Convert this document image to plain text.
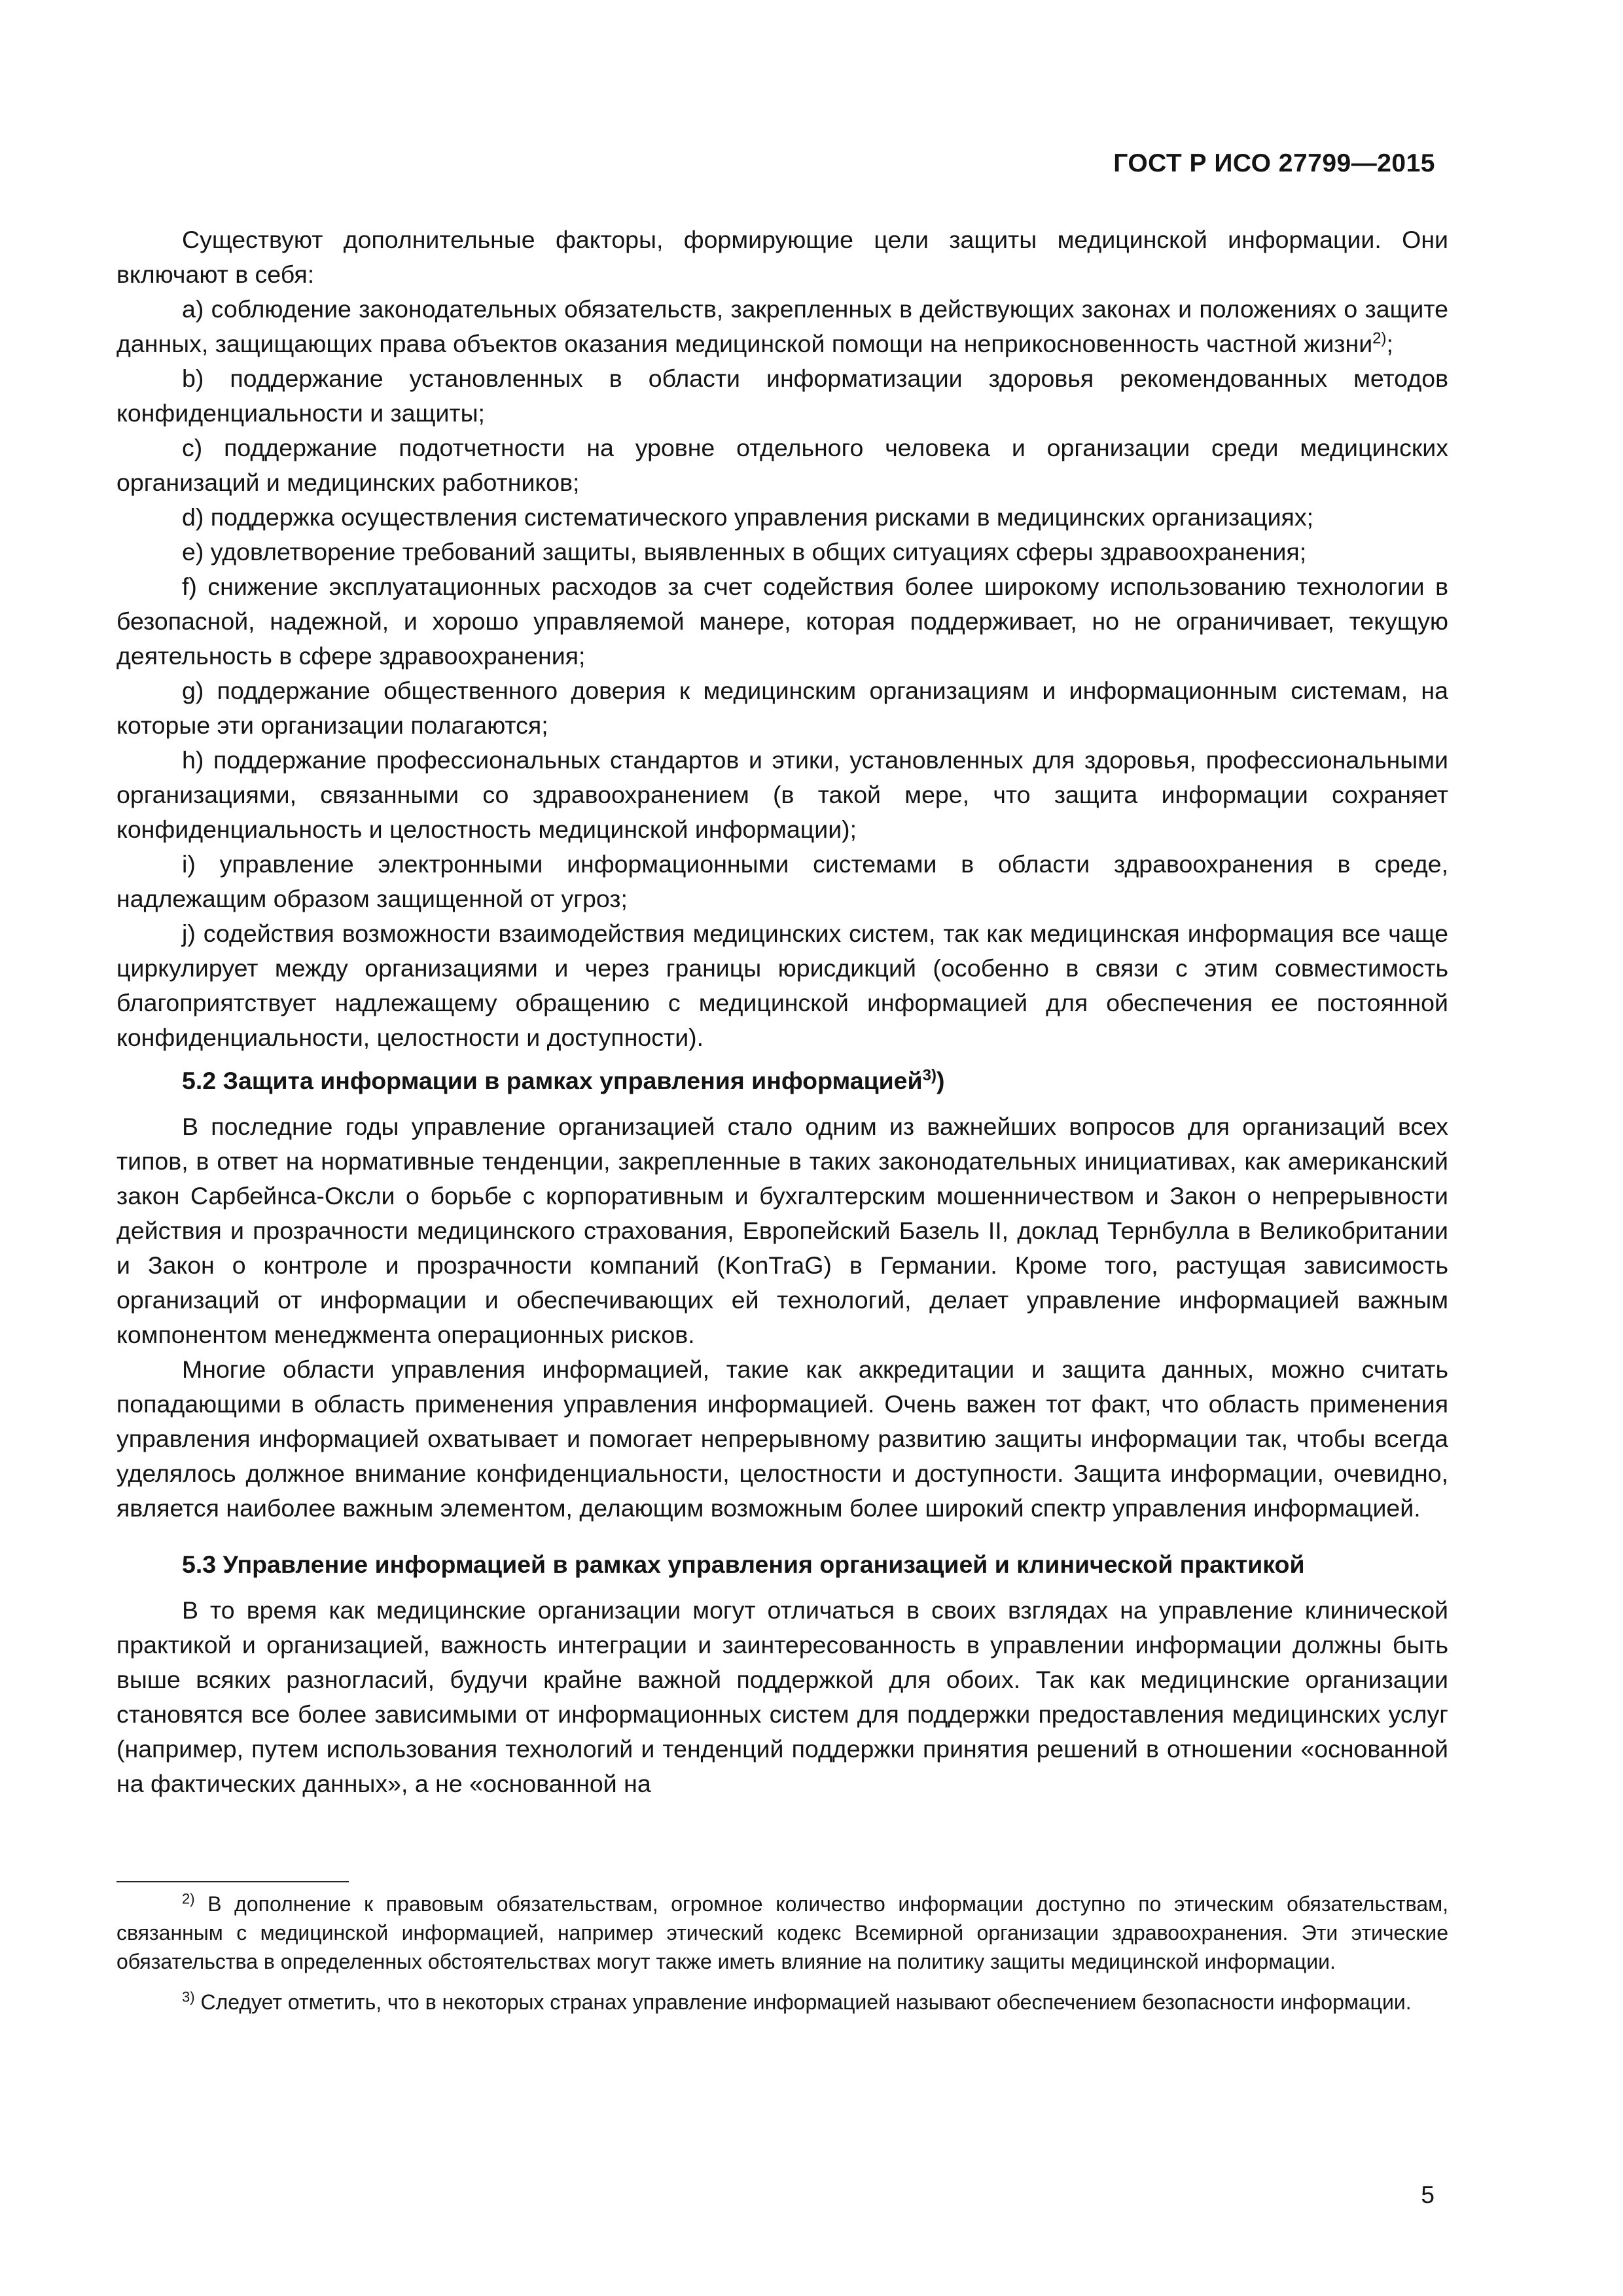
ГОСТ Р ИСО 27799—2015

Существуют дополнительные факторы, формирующие цели защиты медицинской информации. Они включают в себя:

a) соблюдение законодательных обязательств, закрепленных в действующих законах и положениях о защите данных, защищающих права объектов оказания медицинской помощи на неприкосновенность частной жизни$^{2)}$;

b) поддержание установленных в области информатизации здоровья рекомендованных методов конфиденциальности и защиты;

c) поддержание подотчетности на уровне отдельного человека и организации среди медицинских организаций и медицинских работников;

d) поддержка осуществления систематического управления рисками в медицинских организациях;

e) удовлетворение требований защиты, выявленных в общих ситуациях сферы здравоохранения;

f) снижение эксплуатационных расходов за счет содействия более широкому использованию технологии в безопасной, надежной, и хорошо управляемой манере, которая поддерживает, но не ограничивает, текущую деятельность в сфере здравоохранения;

g) поддержание общественного доверия к медицинским организациям и информационным системам, на которые эти организации полагаются;

h) поддержание профессиональных стандартов и этики, установленных для здоровья, профессиональными организациями, связанными со здравоохранением (в такой мере, что защита информации сохраняет конфиденциальность и целостность медицинской информации);

i) управление электронными информационными системами в области здравоохранения в среде, надлежащим образом защищенной от угроз;

j) содействия возможности взаимодействия медицинских систем, так как медицинская информация все чаще циркулирует между организациями и через границы юрисдикций (особенно в связи с этим совместимость благоприятствует надлежащему обращению с медицинской информацией для обеспечения ее постоянной конфиденциальности, целостности и доступности).

5.2 Защита информации в рамках управления информацией$^{3)}$)

В последние годы управление организацией стало одним из важнейших вопросов для организаций всех типов, в ответ на нормативные тенденции, закрепленные в таких законодательных инициативах, как американский закон Сарбейнса-Оксли о борьбе с корпоративным и бухгалтерским мошенничеством и Закон о непрерывности действия и прозрачности медицинского страхования, Европейский Базель II, доклад Тернбулла в Великобритании и Закон о контроле и прозрачности компаний (KonTraG) в Германии. Кроме того, растущая зависимость организаций от информации и обеспечивающих ей технологий, делает управление информацией важным компонентом менеджмента операционных рисков.

Многие области управления информацией, такие как аккредитации и защита данных, можно считать попадающими в область применения управления информацией. Очень важен тот факт, что область применения управления информацией охватывает и помогает непрерывному развитию защиты информации так, чтобы всегда уделялось должное внимание конфиденциальности, целостности и доступности. Защита информации, очевидно, является наиболее важным элементом, делающим возможным более широкий спектр управления информацией.

5.3 Управление информацией в рамках управления организацией и клинической практикой

В то время как медицинские организации могут отличаться в своих взглядах на управление клинической практикой и организацией, важность интеграции и заинтересованность в управлении информации должны быть выше всяких разногласий, будучи крайне важной поддержкой для обоих. Так как медицинские организации становятся все более зависимыми от информационных систем для поддержки предоставления медицинских услуг (например, путем использования технологий и тенденций поддержки принятия решений в отношении «основанной на фактических данных», а не «основанной на

$^{2)}$ В дополнение к правовым обязательствам, огромное количество информации доступно по этическим обязательствам, связанным с медицинской информацией, например этический кодекс Всемирной организации здравоохранения. Эти этические обязательства в определенных обстоятельствах могут также иметь влияние на политику защиты медицинской информации.

$^{3)}$ Следует отметить, что в некоторых странах управление информацией называют обеспечением безопасности информации.

5
